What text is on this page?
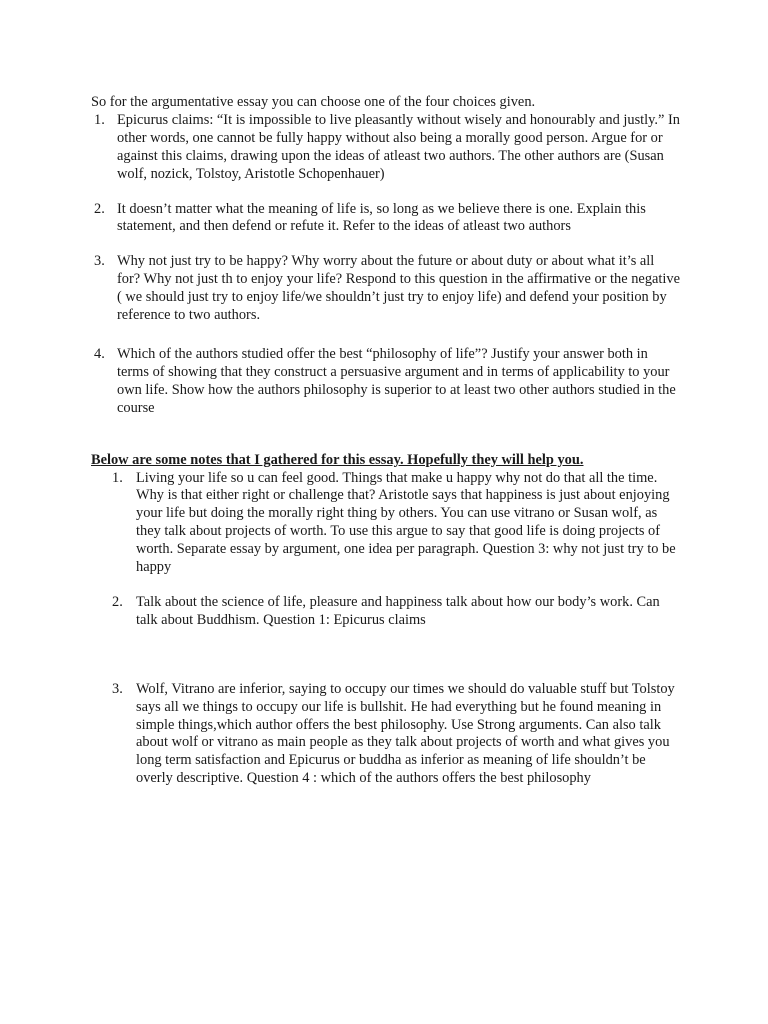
So for the argumentative essay you can choose one of the four choices given.

1. Epicurus claims: “It is impossible to live pleasantly without wisely and honourably and justly.” In other words, one cannot be fully happy without also being a morally good person. Argue for or against this claims, drawing upon the ideas of atleast two authors. The other authors are (Susan wolf, nozick, Tolstoy, Aristotle Schopenhauer)
2. It doesn’t matter what the meaning of life is, so long as we believe there is one. Explain this statement, and then defend or refute it. Refer to the ideas of atleast two authors
3. Why not just try to be happy? Why worry about the future or about duty or about what it’s all for? Why not just th to enjoy your life? Respond to this question in the affirmative or the negative ( we should just try to enjoy life/we shouldn’t just try to enjoy life) and defend your position by reference to two authors.
4. Which of the authors studied offer the best “philosophy of life”? Justify your answer both in terms of showing that they construct a persuasive argument and in terms of applicability to your own life. Show how the authors philosophy is superior to at least two other authors studied in the course

Below are some notes that I gathered for this essay. Hopefully they will help you.

1. Living your life so u can feel good. Things that make u happy why not do that all the time. Why is that either right or challenge that? Aristotle says that happiness is just about enjoying your life but doing the morally right thing by others. You can use vitrano or Susan wolf, as they talk about projects of worth. To use this argue to say that good life is doing projects of worth. Separate essay by argument, one idea per paragraph. Question 3: why not just try to be happy
2. Talk about the science of life, pleasure and happiness talk about how our body’s work. Can talk about Buddhism. Question 1: Epicurus claims
3. Wolf, Vitrano are inferior, saying to occupy our times we should do valuable stuff but Tolstoy says all we things to occupy our life is bullshit. He had everything but he found meaning in simple things,which author offers the best philosophy. Use Strong arguments. Can also talk about wolf or vitrano as main people as they talk about projects of worth and what gives you long term satisfaction and Epicurus or buddha as inferior as meaning of life shouldn’t be overly descriptive. Question 4 : which of the authors offers the best philosophy
